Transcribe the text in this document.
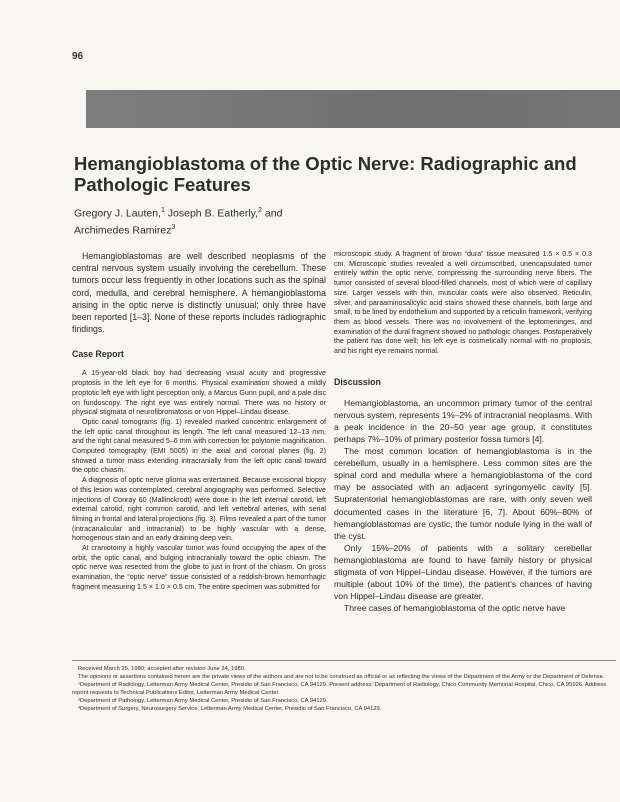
96
Hemangioblastoma of the Optic Nerve: Radiographic and Pathologic Features
Gregory J. Lauten,$^1$ Joseph B. Eatherly,$^2$ and
Archimedes Ramirez$^3$

Hemangioblastomas are well described neoplasms of the central nervous system usually involving the cerebellum. These tumors occur less frequently in other locations such as the spinal cord, medulla, and cerebral hemisphere. A hemangioblastoma arising in the optic nerve is distinctly unusual; only three have been reported [1–3]. None of these reports includes radiographic findings.

Case Report

A 15-year-old black boy had decreasing visual acuity and progressive proptosis in the left eye for 6 months. Physical examination showed a mildly proptotic left eye with light perception only, a Marcus Gunn pupil, and a pale disc on fundoscopy. The right eye was entirely normal. There was no history or physical stigmata of neurofibromatosis or von Hippel–Lindau disease.

Optic canal tomograms (fig. 1) revealed marked concentric enlargement of the left optic canal throughout its length. The left canal measured 12–13 mm, and the right canal measured 5–6 mm with correction for polytome magnification. Computed tomography (EMI 5005) in the axial and coronal planes (fig. 2) showed a tumor mass extending intracranially from the left optic canal toward the optic chiasm.

A diagnosis of optic nerve glioma was entertained. Because excisional biopsy of this lesion was contemplated, cerebral angiography was performed. Selective injections of Conray 60 (Mallinckrodt) were done in the left internal carotid, left external carotid, right common carotid, and left vertebral arteries, with serial filming in frontal and lateral projections (fig. 3). Films revealed a part of the tumor (intracanalicular and intracranial) to be highly vascular with a dense, homogenous stain and an early draining deep vein.

At craniotomy a highly vascular tumor was found occupying the apex of the orbit, the optic canal, and bulging intracranially toward the optic chiasm. The optic nerve was resected from the globe to just in front of the chiasm. On gross examination, the “optic nerve” tissue consisted of a reddish-brown hemorrhagic fragment measuring 1.5 × 1.0 × 0.5 cm. The entire specimen was submitted for

microscopic study. A fragment of brown “dura” tissue measured 1.5 × 0.5 × 0.3 cm. Microscopic studies revealed a well circumscribed, unencapsulated tumor entirely within the optic nerve, compressing the surrounding nerve fibers. The tumor consisted of several blood-filled channels, most of which were of capillary size. Larger vessels with thin, muscular coats were also observed. Reticulin, silver, and paraaminosalicylic acid stains showed these channels, both large and small, to be lined by endothelium and supported by a reticulin framework, verifying them as blood vessels. There was no involvement of the leptomeninges, and examination of the dural fragment showed no pathologic changes. Postoperatively the patient has done well; his left eye is cosmetically normal with no proptosis, and his right eye remains normal.

Discussion

Hemangioblastoma, an uncommon primary tumor of the central nervous system, represents 1%–2% of intracranial neoplasms. With a peak incidence in the 20–50 year age group, it constitutes perhaps 7%–10% of primary posterior fossa tumors [4].

The most common location of hemangioblastoma is in the cerebellum, usually in a hemisphere. Less common sites are the spinal cord and medulla where a hemangioblastoma of the cord may be associated with an adjacent syringomyelic cavity [5]. Supratentorial hemangioblastomas are rare, with only seven well documented cases in the literature [6, 7]. About 60%–80% of hemangioblastomas are cystic, the tumor nodule lying in the wall of the cyst.

Only 15%–20% of patients with a solitary cerebellar hemangioblastoma are found to have family history or physical stigmata of von Hippel–Lindau disease. However, if the tumors are multiple (about 10% of the time), the patient’s chances of having von Hippel–Lindau disease are greater.

Three cases of hemangioblastoma of the optic nerve have

Received March 25, 1980; accepted after revision June 24, 1980.
The opinions or assertions contained herein are the private views of the authors and are not to be construed as official or as reflecting the views of the Department of the Army or the Department of Defense.
¹Department of Radiology, Letterman Army Medical Center, Presidio of San Francisco, CA 94129. Present address: Department of Radiology, Chico Community Memorial Hospital, Chico, CA 95926. Address reprint requests to Technical Publications Editor, Letterman Army Medical Center.
²Department of Pathology, Letterman Army Medical Center, Presidio of San Francisco, CA 94129.
³Department of Surgery, Neurosurgery Service, Letterman Army Medical Center, Presidio of San Francisco, CA 94129.
